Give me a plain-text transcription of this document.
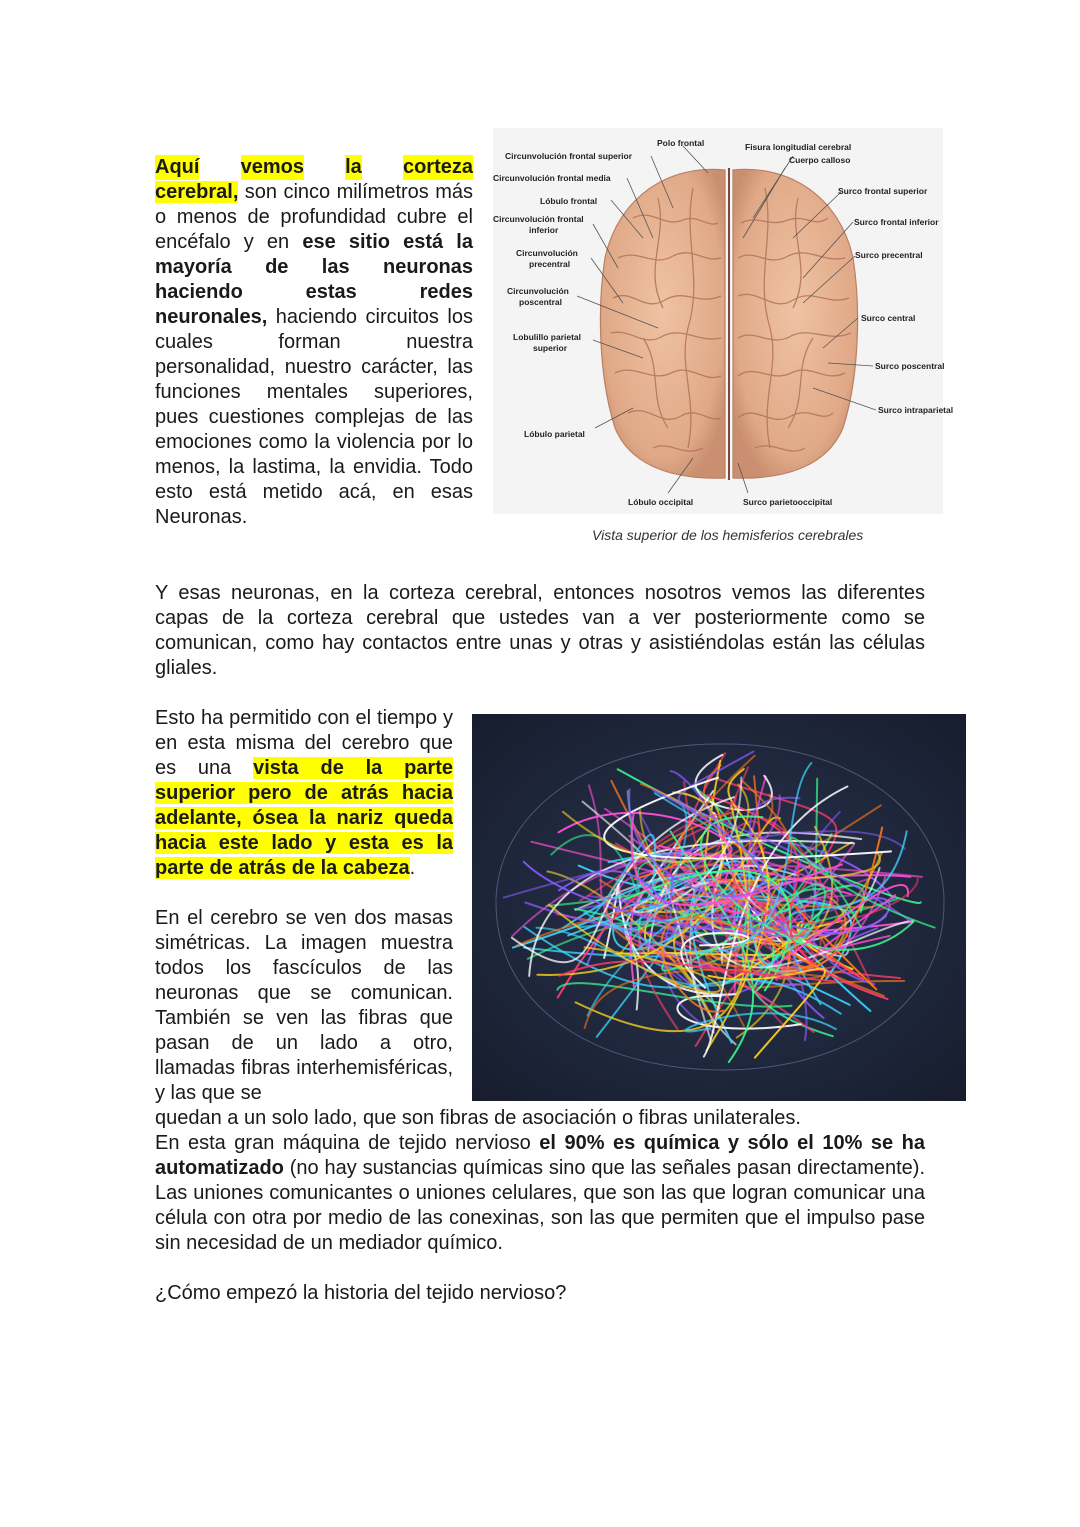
Aquí vemos la corteza
cerebral, son cinco milímetros más o menos de profundidad cubre el encéfalo y en ese sitio está la mayoría de las neuronas haciendo estas redes neuronales, haciendo circuitos los cuales forman nuestra personalidad, nuestro carácter, las funciones mentales superiores, pues cuestiones complejas de las emociones como la violencia por lo menos, la lastima, la envidia. Todo esto está metido acá, en esas Neuronas.
Polo frontal	Fisura longitudial cerebral
Cuerpo calloso
Circunvolución frontal superior
Circunvolución frontal media
Lóbulo frontal
Circunvolución frontal
inferior
Circunvolución
precentral
Circunvolución
poscentral
Lobulillo parietal
superior
Lóbulo parietal
Lóbulo occipital	Surco parietooccipital
Surco frontal superior
Surco frontal inferior
Surco precentral
Surco central
Surco poscentral
Surco intraparietal
Vista superior de los hemisferios cerebrales

Y esas neuronas, en la corteza cerebral, entonces nosotros vemos las diferentes capas de la corteza cerebral que ustedes van a ver posteriormente como se comunican, como hay contactos entre unas y otras y asistiéndolas están las células gliales.

Esto ha permitido con el tiempo y en esta misma del cerebro que es una vista de la parte superior pero de atrás hacia adelante, ósea la nariz queda hacia este lado y esta es la parte de atrás de la cabeza.

En el cerebro se ven dos masas simétricas. La imagen muestra todos los fascículos de las neuronas que se comunican. También se ven las fibras que pasan de un lado a otro, llamadas fibras interhemisféricas, y las que se

quedan a un solo lado, que son fibras de asociación o fibras unilaterales.

En esta gran máquina de tejido nervioso el 90% es química y sólo el 10% se ha automatizado (no hay sustancias químicas sino que las señales pasan directamente). Las uniones comunicantes o uniones celulares, que son las que logran comunicar una célula con otra por medio de las conexinas, son las que permiten que el impulso pase sin necesidad de un mediador químico.

¿Cómo empezó la historia del tejido nervioso?
